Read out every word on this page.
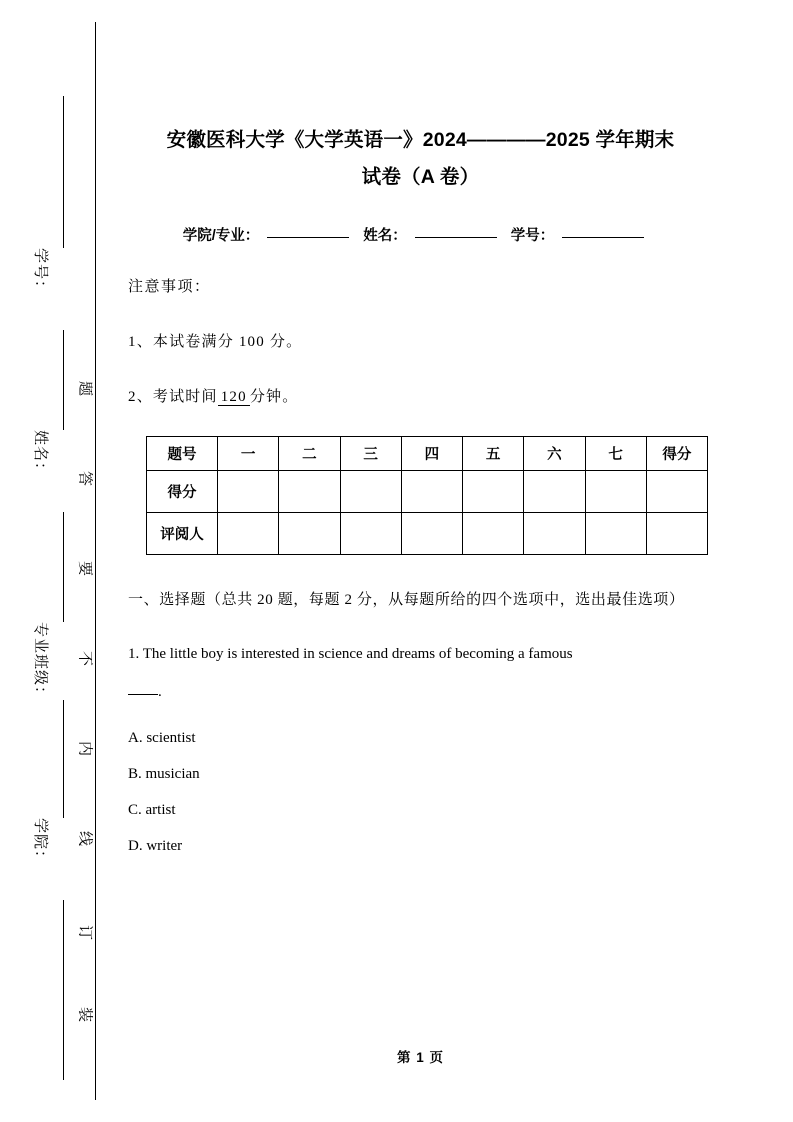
学号：
姓名：
专业班级：
学院：
题
答
要
不
内
线
订
装
安徽医科大学《大学英语一》2024————2025 学年期末
试卷（A 卷）
学院/专业：	姓名：	学号：

注意事项：

1、本试卷满分 100 分。

2、考试时间 120 分钟。

题号	一	二	三	四	五	六	七	得分
得分								
评阅人								

一、选择题（总共 20 题，每题 2 分，从每题所给的四个选项中，选出最佳选项）

1. The little boy is interested in science and dreams of becoming a famous
.

A. scientist

B. musician

C. artist

D. writer

第 1 页
